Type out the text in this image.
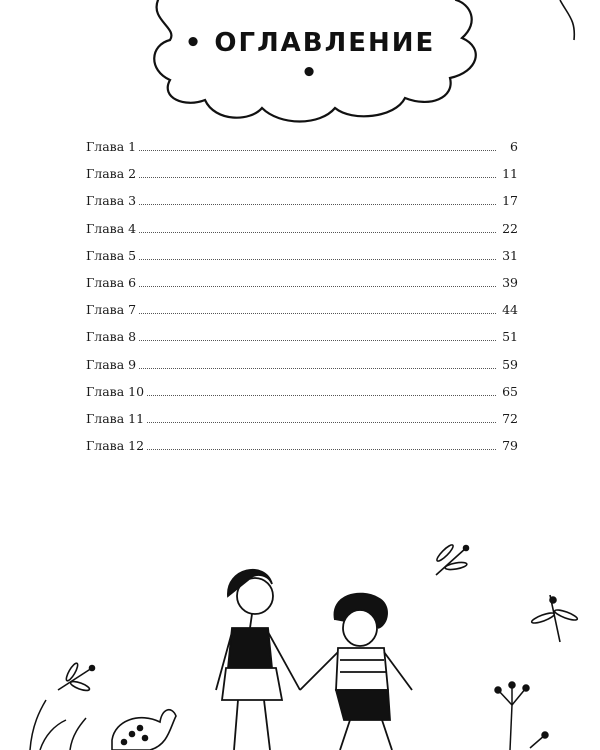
• ОГЛАВЛЕНИЕ •
Глава 1	6
Глава 2	11
Глава 3	17
Глава 4	22
Глава 5	31
Глава 6	39
Глава 7	44
Глава 8	51
Глава 9	59
Глава 10	65
Глава 11	72
Глава 12	79
